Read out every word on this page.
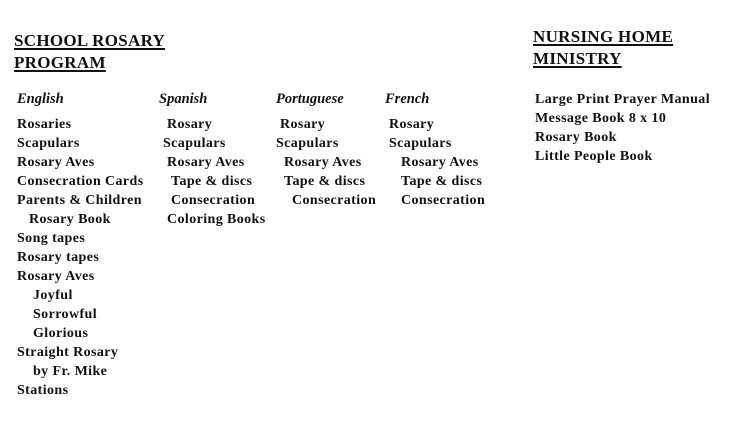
SCHOOL ROSARY
PROGRAM
NURSING HOME
MINISTRY
English
Rosaries
Scapulars
Rosary Aves
Consecration Cards
Parents & Children
Rosary Book
Song tapes
Rosary tapes
Rosary Aves
Joyful
Sorrowful
Glorious
Straight Rosary
by Fr. Mike
Stations
Spanish
Rosary
Scapulars
Rosary Aves
Tape & discs
Consecration
Coloring Books
Portuguese
Rosary
Scapulars
Rosary Aves
Tape & discs
Consecration
French
Rosary
Scapulars
Rosary Aves
Tape & discs
Consecration
Large Print Prayer Manual
Message Book 8 x 10
Rosary Book
Little People Book
